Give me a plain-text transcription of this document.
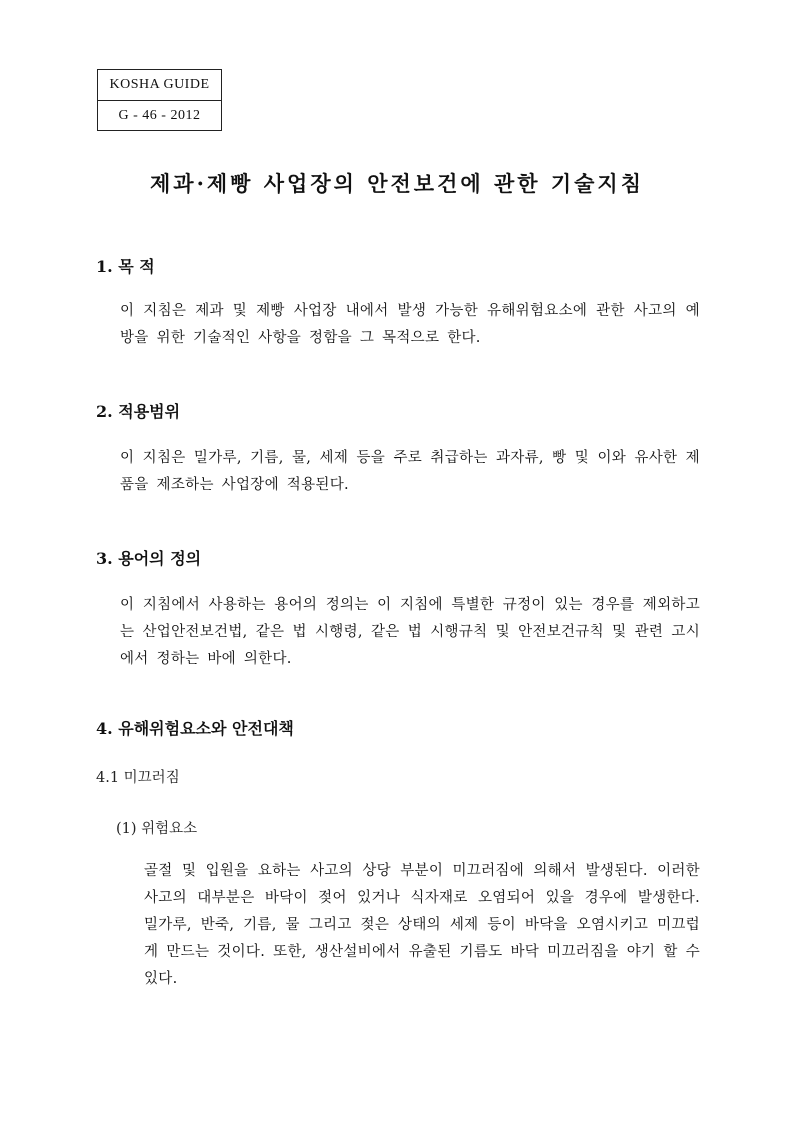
KOSHA GUIDE
G - 46 - 2012
제과·제빵 사업장의 안전보건에 관한 기술지침
1. 목 적
이 지침은 제과 및 제빵 사업장 내에서 발생 가능한 유해위험요소에 관한 사고의 예방을 위한 기술적인 사항을 정함을 그 목적으로 한다.
2. 적용범위
이 지침은 밀가루, 기름, 물, 세제 등을 주로 취급하는 과자류, 빵 및 이와 유사한 제품을 제조하는 사업장에 적용된다.
3. 용어의 정의
이 지침에서 사용하는 용어의 정의는 이 지침에 특별한 규정이 있는 경우를 제외하고는 산업안전보건법, 같은 법 시행령, 같은 법 시행규칙 및 안전보건규칙 및 관련 고시에서 정하는 바에 의한다.
4. 유해위험요소와 안전대책
4.1 미끄러짐
(1) 위험요소
골절 및 입원을 요하는 사고의 상당 부분이 미끄러짐에 의해서 발생된다. 이러한 사고의 대부분은 바닥이 젖어 있거나 식자재로 오염되어 있을 경우에 발생한다. 밀가루, 반죽, 기름, 물 그리고 젖은 상태의 세제 등이 바닥을 오염시키고 미끄럽게 만드는 것이다. 또한, 생산설비에서 유출된 기름도 바닥 미끄러짐을 야기 할 수 있다.
